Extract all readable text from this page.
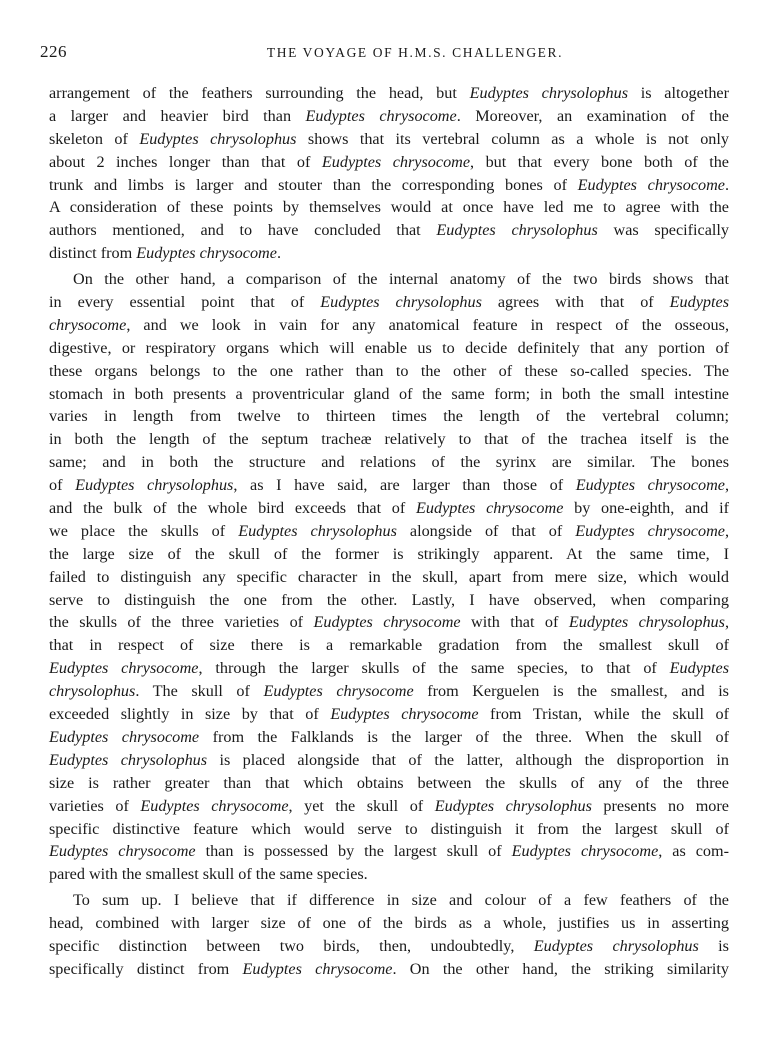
226	THE VOYAGE OF H.M.S. CHALLENGER.
arrangement of the feathers surrounding the head, but Eudyptes chrysolophus is altogether
a larger and heavier bird than Eudyptes chrysocome. Moreover, an examination of the
skeleton of Eudyptes chrysolophus shows that its vertebral column as a whole is not only
about 2 inches longer than that of Eudyptes chrysocome, but that every bone both of the
trunk and limbs is larger and stouter than the corresponding bones of Eudyptes chrysocome.
A consideration of these points by themselves would at once have led me to agree with the
authors mentioned, and to have concluded that Eudyptes chrysolophus was specifically
distinct from Eudyptes chrysocome.
On the other hand, a comparison of the internal anatomy of the two birds shows that
in every essential point that of Eudyptes chrysolophus agrees with that of Eudyptes
chrysocome, and we look in vain for any anatomical feature in respect of the osseous,
digestive, or respiratory organs which will enable us to decide definitely that any portion of
these organs belongs to the one rather than to the other of these so-called species. The
stomach in both presents a proventricular gland of the same form; in both the small intestine
varies in length from twelve to thirteen times the length of the vertebral column;
in both the length of the septum tracheæ relatively to that of the trachea itself is the
same; and in both the structure and relations of the syrinx are similar. The bones
of Eudyptes chrysolophus, as I have said, are larger than those of Eudyptes chrysocome,
and the bulk of the whole bird exceeds that of Eudyptes chrysocome by one-eighth, and if
we place the skulls of Eudyptes chrysolophus alongside of that of Eudyptes chrysocome,
the large size of the skull of the former is strikingly apparent. At the same time, I
failed to distinguish any specific character in the skull, apart from mere size, which would
serve to distinguish the one from the other. Lastly, I have observed, when comparing
the skulls of the three varieties of Eudyptes chrysocome with that of Eudyptes chrysolophus,
that in respect of size there is a remarkable gradation from the smallest skull of
Eudyptes chrysocome, through the larger skulls of the same species, to that of Eudyptes
chrysolophus. The skull of Eudyptes chrysocome from Kerguelen is the smallest, and is
exceeded slightly in size by that of Eudyptes chrysocome from Tristan, while the skull of
Eudyptes chrysocome from the Falklands is the larger of the three. When the skull of
Eudyptes chrysolophus is placed alongside that of the latter, although the disproportion in
size is rather greater than that which obtains between the skulls of any of the three
varieties of Eudyptes chrysocome, yet the skull of Eudyptes chrysolophus presents no more
specific distinctive feature which would serve to distinguish it from the largest skull of
Eudyptes chrysocome than is possessed by the largest skull of Eudyptes chrysocome, as com-
pared with the smallest skull of the same species.
To sum up. I believe that if difference in size and colour of a few feathers of the
head, combined with larger size of one of the birds as a whole, justifies us in asserting
specific distinction between two birds, then, undoubtedly, Eudyptes chrysolophus is
specifically distinct from Eudyptes chrysocome. On the other hand, the striking similarity
